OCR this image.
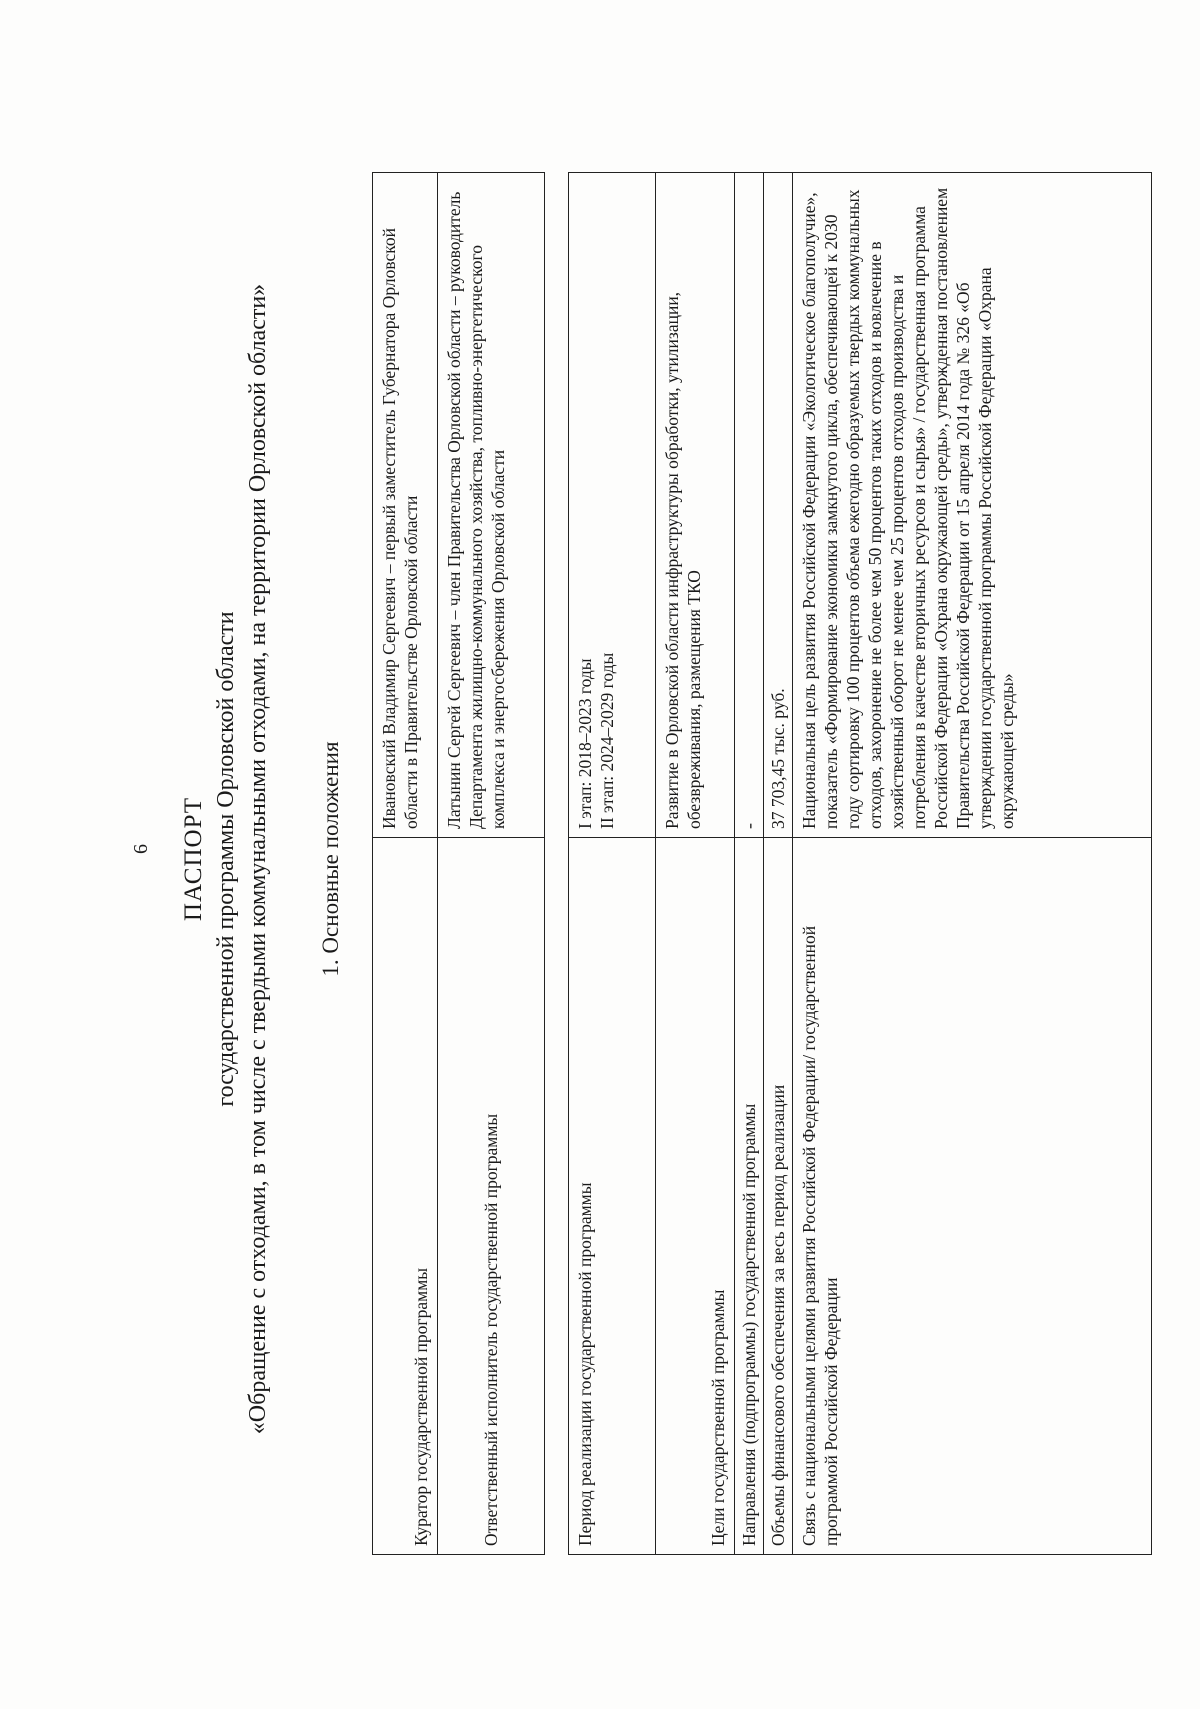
6 ПАСПОРТ государственной программы Орловской области «Обращение с отходами, в том числе с твердыми коммунальными отходами, на территории Орловской области» 1. Основные положения
Куратор государственной программы	Ивановский Владимир Сергеевич – первый заместитель Губернатора Орловской области в Правительстве Орловской области
Ответственный исполнитель государственной программы	Латынин Сергей Сергеевич – член Правительства Орловской области – руководитель Департамента жилищно-коммунального хозяйства, топливно-энергетического комплекса и энергосбережения Орловской области
Период реализации государственной программы	I этап: 2018–2023 годы II этап: 2024–2029 годы

Цели государственной программы	Развитие в Орловской области инфраструктуры обработки, утилизации, обезвреживания, размещения ТКО
Направления (подпрограммы) государственной программы	-
Объемы финансового обеспечения за весь период реализации	37 703,45 тыс. руб.
Связь с национальными целями развития Российской Федерации/ государственной программой Российской Федерации	Национальная цель развития Российской Федерации «Экологическое благополучие», показатель «Формирование экономики замкнутого цикла, обеспечивающей к 2030 году сортировку 100 процентов объема ежегодно образуемых твердых коммунальных отходов, захоронение не более чем 50 процентов таких отходов и вовлечение в хозяйственный оборот не менее чем 25 процентов отходов производства и потребления в качестве вторичных ресурсов и сырья» / государственная программа Российской Федерации «Охрана окружающей среды», утвержденная постановлением Правительства Российской Федерации от 15 апреля 2014 года № 326 «Об утверждении государственной программы Российской Федерации «Охрана окружающей среды»
